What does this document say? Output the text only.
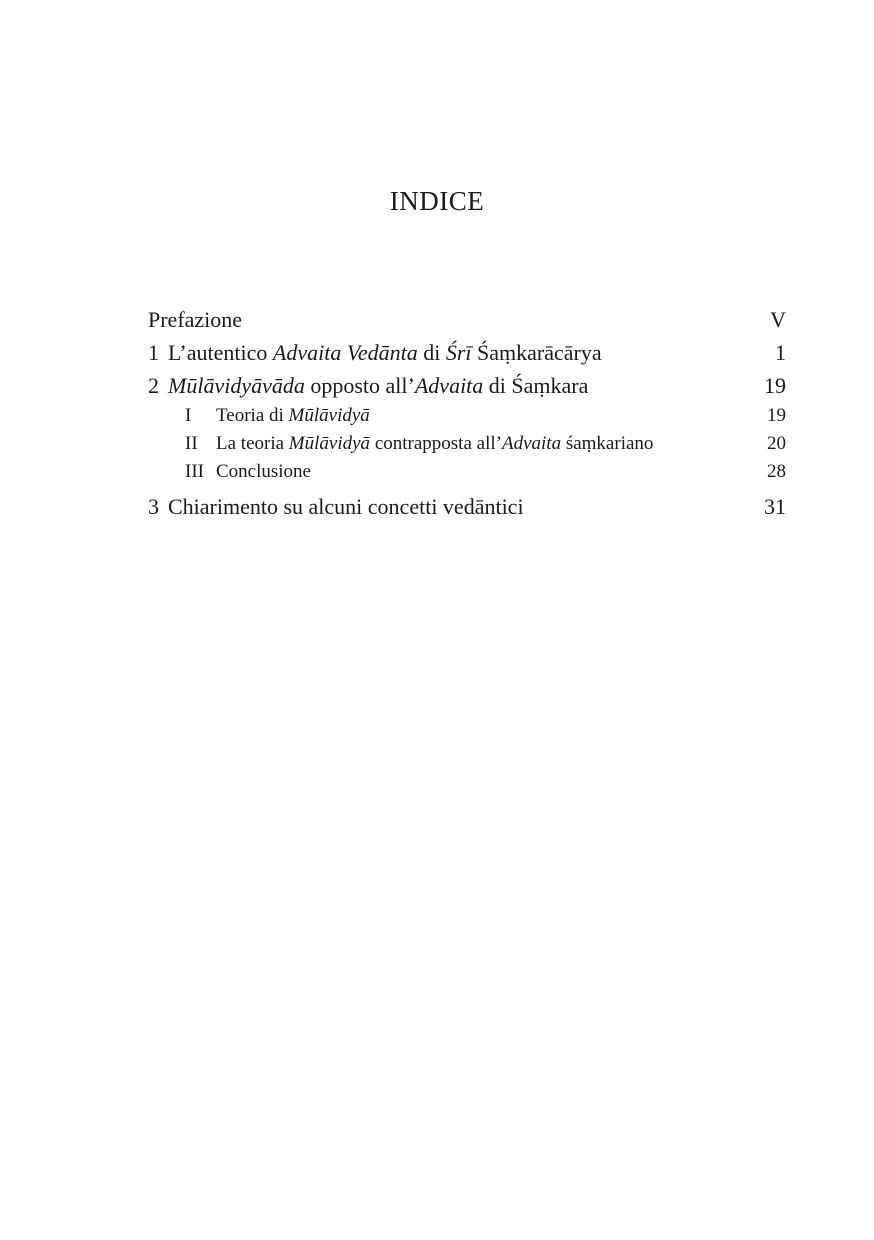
INDICE
Prefazione	V
1 L’autentico Advaita Vedānta di Śrī Śaṃkarācārya	1
2 Mūlāvidyāvāda opposto all’Advaita di Śaṃkara	19
I	Teoria di Mūlāvidyā	19
II La teoria Mūlāvidyā contrapposta all’Advaita śaṃkariano	20
III Conclusione	28
3 Chiarimento su alcuni concetti vedāntici	31
